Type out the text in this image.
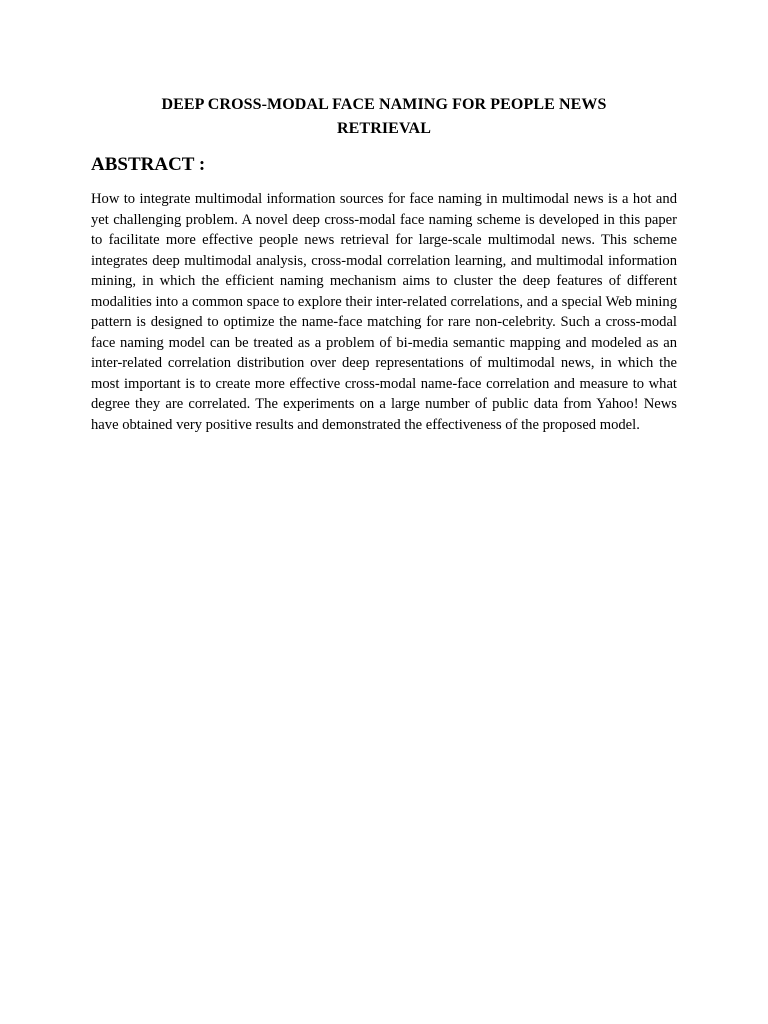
DEEP CROSS-MODAL FACE NAMING FOR PEOPLE NEWS RETRIEVAL
ABSTRACT :

How to integrate multimodal information sources for face naming in multimodal news is a hot and yet challenging problem. A novel deep cross-modal face naming scheme is developed in this paper to facilitate more effective people news retrieval for large-scale multimodal news. This scheme integrates deep multimodal analysis, cross-modal correlation learning, and multimodal information mining, in which the efficient naming mechanism aims to cluster the deep features of different modalities into a common space to explore their inter-related correlations, and a special Web mining pattern is designed to optimize the name-face matching for rare non-celebrity. Such a cross-modal face naming model can be treated as a problem of bi-media semantic mapping and modeled as an inter-related correlation distribution over deep representations of multimodal news, in which the most important is to create more effective cross-modal name-face correlation and measure to what degree they are correlated. The experiments on a large number of public data from Yahoo! News have obtained very positive results and demonstrated the effectiveness of the proposed model.
